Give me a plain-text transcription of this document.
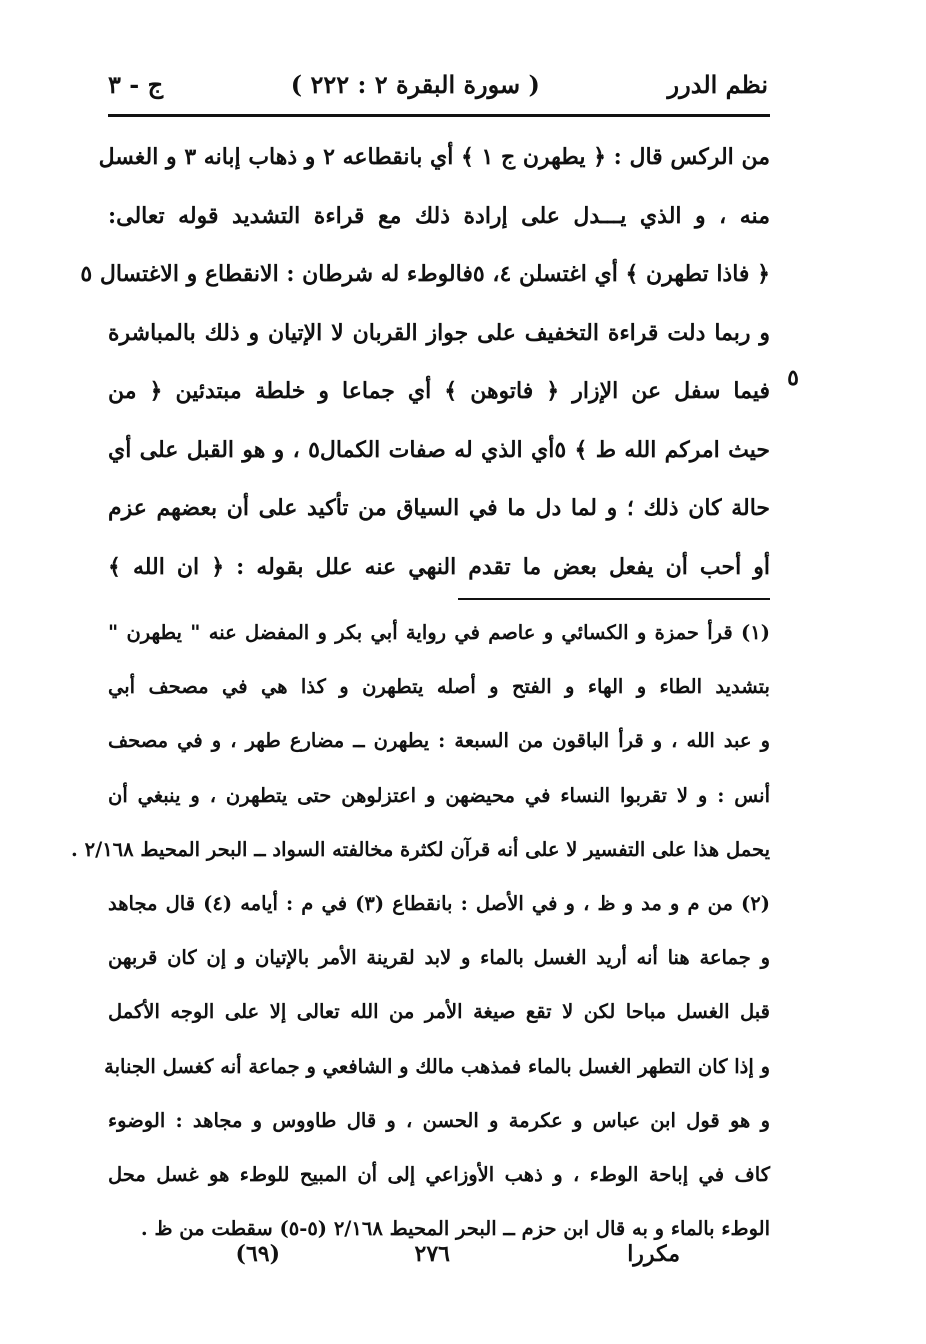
نظم الدرر
( سورة البقرة ٢ : ٢٢٢ )
ج - ٣
من الركس قال : ﴿ يطهرن ج ١ ﴾ أي بانقطاعه ٢ و ذهاب إبانه ٣ و الغسل
منه ، و الذي يـــدل على إرادة ذلك مع قراءة التشديد قوله تعالى:
﴿ فاذا تطهرن ﴾ أي اغتسلن ٤، ٥فالوطء له شرطان : الانقطاع و الاغتسال ٥
و ربما دلت قراءة التخفيف على جواز القربان لا الإتيان و ذلك بالمباشرة
فيما سفل عن الإزار ﴿ فاتوهن ﴾ أي جماعا و خلطة مبتدئين ﴿ من
حيث امركم الله ط ﴾ ٥أي الذي له صفات الكمال٥ ، و هو القبل على أي
حالة كان ذلك ؛ و لما دل ما في السياق من تأكيد على أن بعضهم عزم
أو أحب أن يفعل بعض ما تقدم النهي عنه علل بقوله : ﴿ ان الله ﴾
٥
(١) قرأ حمزة و الكسائي و عاصم في رواية أبي بكر و المفضل عنه " يطهرن "
بتشديد الطاء و الهاء و الفتح و أصله يتطهرن و كذا هي في مصحف أبي
و عبد الله ، و قرأ الباقون من السبعة : يطهرن ــ مضارع طهر ، و في مصحف
أنس : و لا تقربوا النساء في محيضهن و اعتزلوهن حتى يتطهرن ، و ينبغي أن
يحمل هذا على التفسير لا على أنه قرآن لكثرة مخالفته السواد ــ البحر المحيط ٢/١٦٨ .
(٢) من م و مد و ظ ، و في الأصل : بانقطاع (٣) في م : أيامه (٤) قال مجاهد
و جماعة هنا أنه أريد الغسل بالماء و لابد لقرينة الأمر بالإتيان و إن كان قربهن
قبل الغسل مباحا لكن لا تقع صيغة الأمر من الله تعالى إلا على الوجه الأكمل
و إذا كان التطهر الغسل بالماء فمذهب مالك و الشافعي و جماعة أنه كغسل الجنابة
و هو قول ابن عباس و عكرمة و الحسن ، و قال طاووس و مجاهد : الوضوء
كاف في إباحة الوطء ، و ذهب الأوزاعي إلى أن المبيح للوطء هو غسل محل
الوطء بالماء و به قال ابن حزم ــ البحر المحيط ٢/١٦٨ (٥-٥) سقطت من ظ .
مكررا
٢٧٦
(٦٩)
